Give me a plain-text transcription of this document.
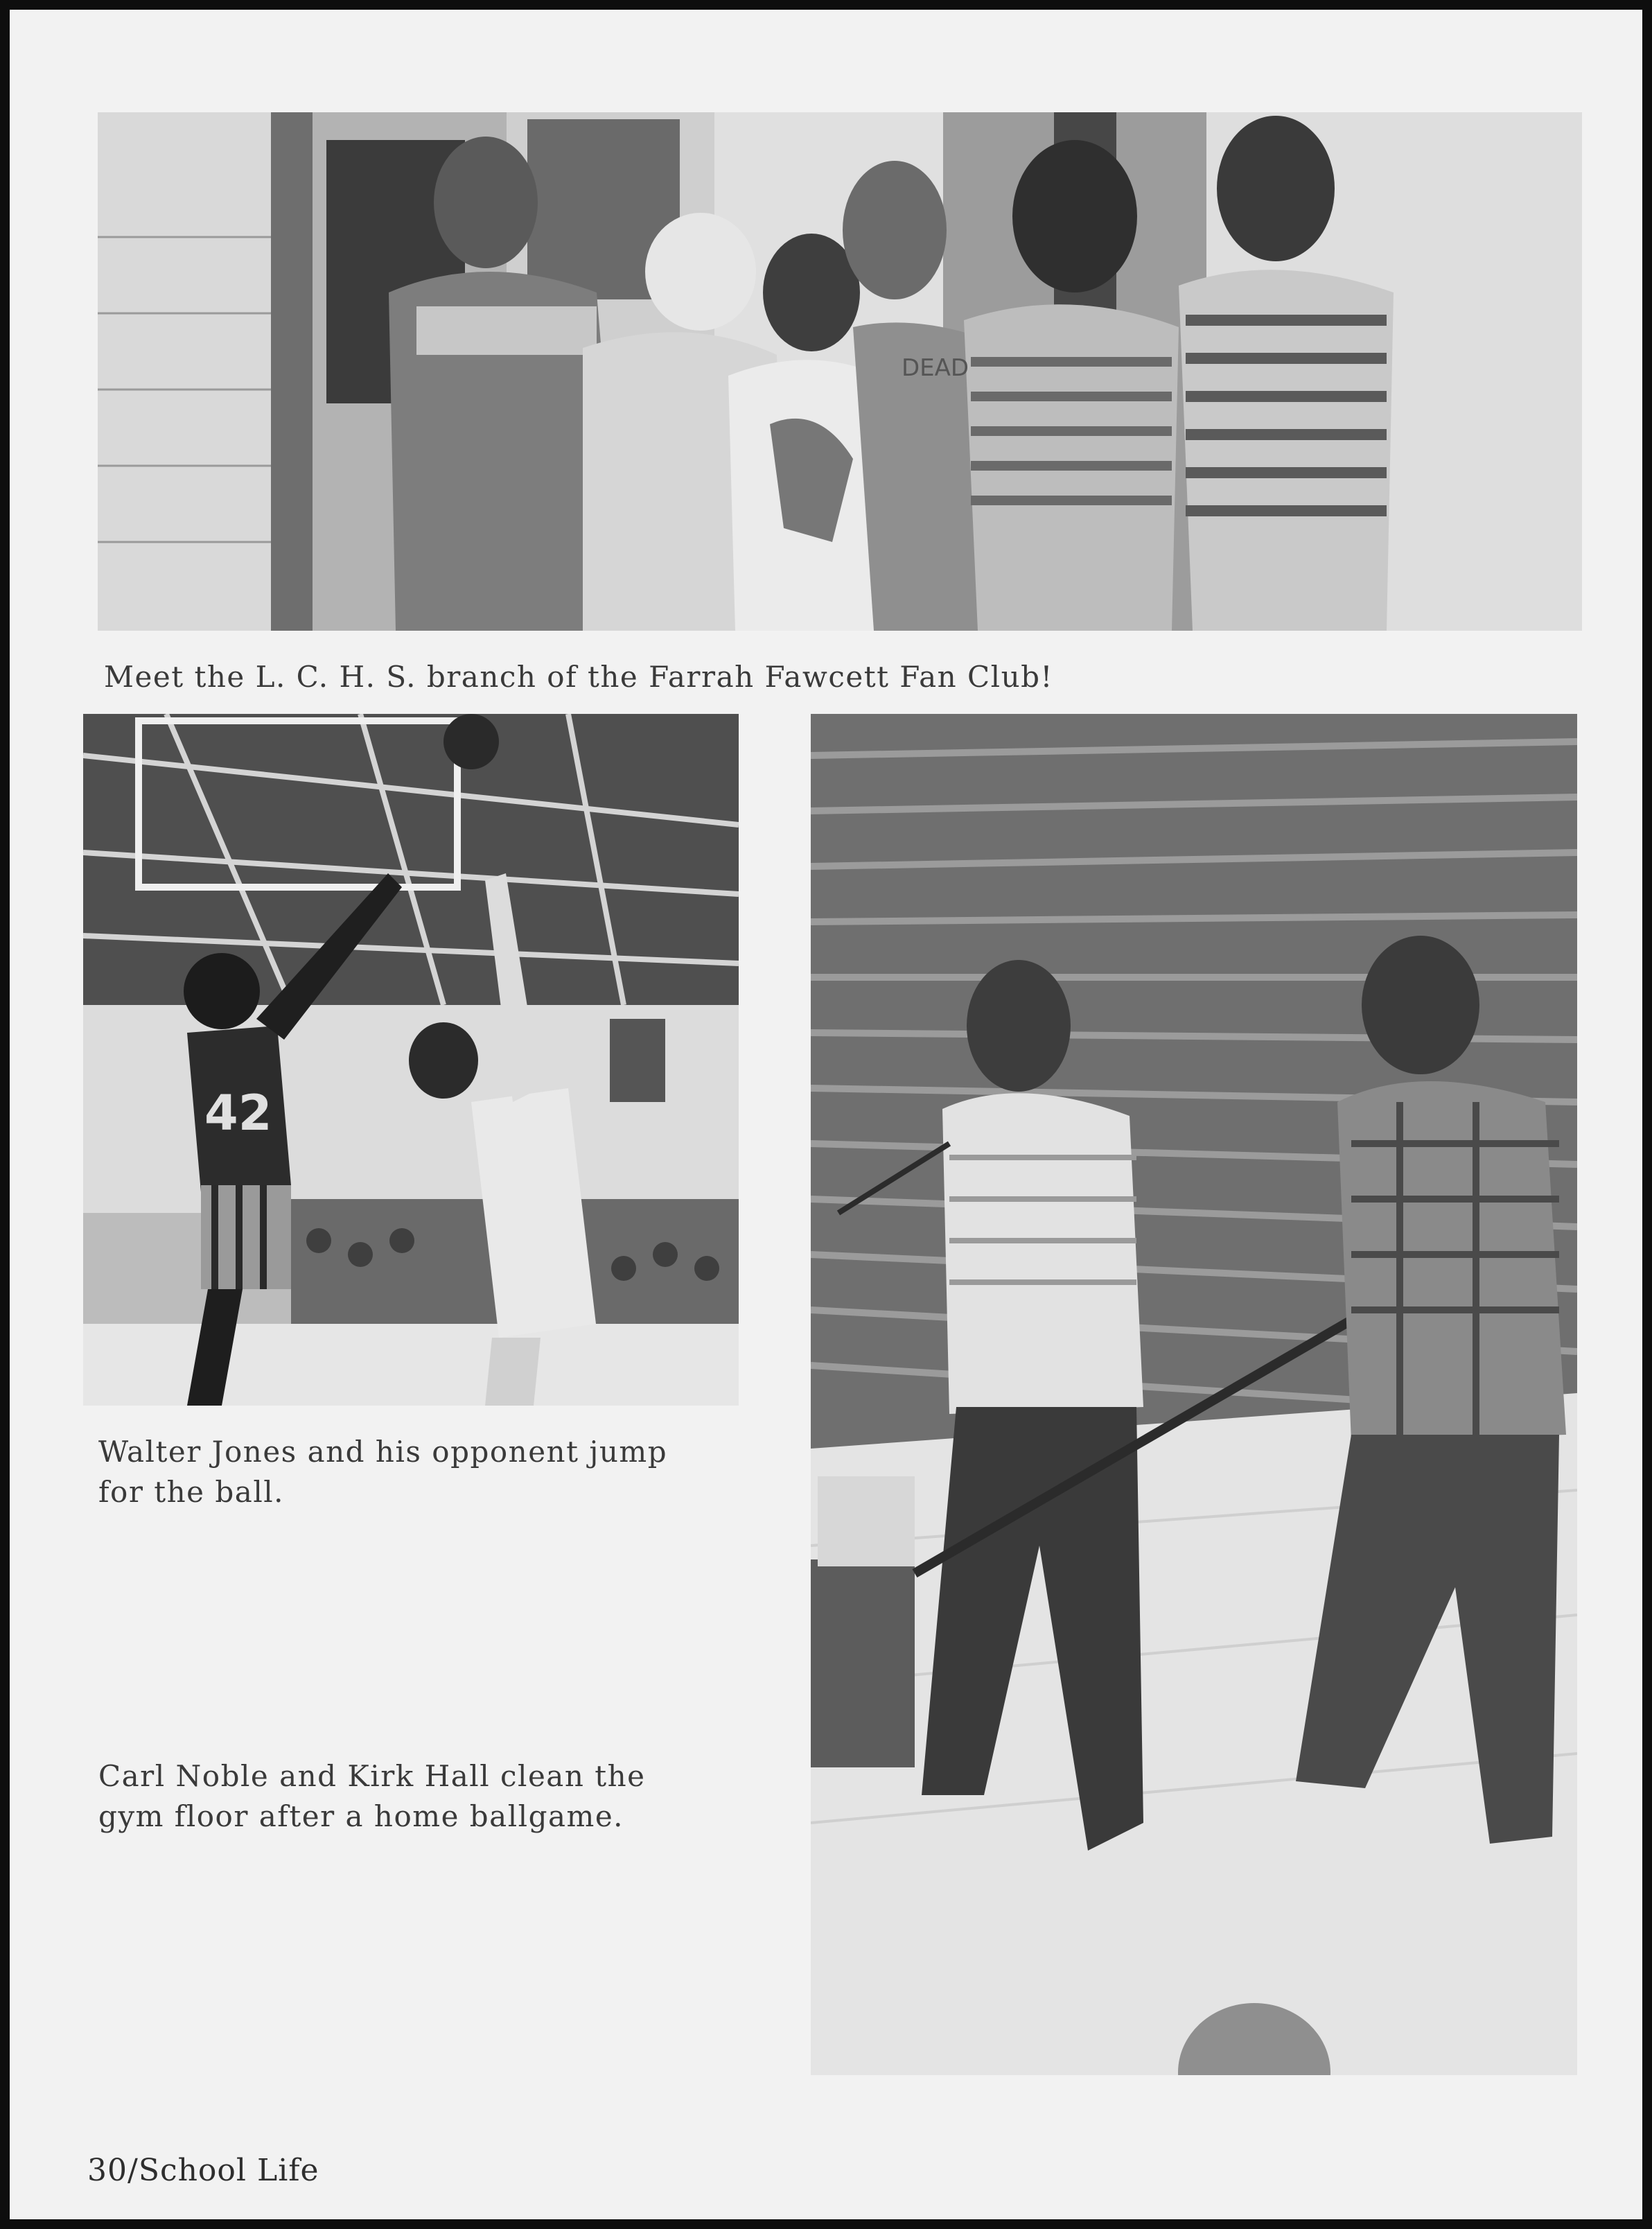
DEAD
Meet the L. C. H. S. branch of the Farrah Fawcett Fan Club!
42
Walter Jones and his opponent jump
for the ball.
Carl Noble and Kirk Hall clean the
gym floor after a home ballgame.
30/School Life
